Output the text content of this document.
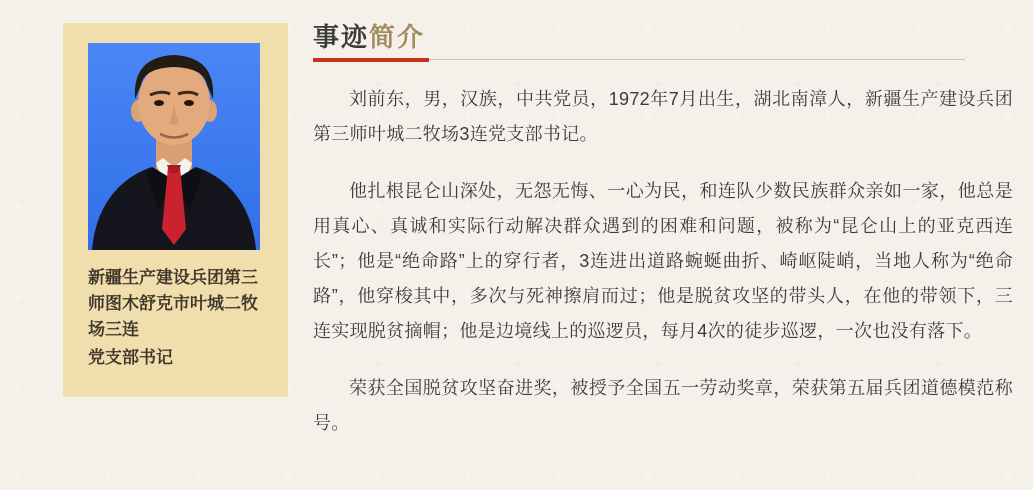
新疆生产建设兵团第三师图木舒克市叶城二牧场三连
党支部书记
事迹简介

刘前东，男，汉族，中共党员，1972年7月出生，湖北南漳人，新疆生产建设兵团第三师叶城二牧场3连党支部书记。

他扎根昆仑山深处，无怨无悔、一心为民，和连队少数民族群众亲如一家，他总是用真心、真诚和实际行动解决群众遇到的困难和问题，被称为“昆仑山上的亚克西连长”；他是“绝命路”上的穿行者，3连进出道路蜿蜒曲折、崎岖陡峭，当地人称为“绝命路”，他穿梭其中，多次与死神擦肩而过；他是脱贫攻坚的带头人，在他的带领下，三连实现脱贫摘帽；他是边境线上的巡逻员，每月4次的徒步巡逻，一次也没有落下。

荣获全国脱贫攻坚奋进奖，被授予全国五一劳动奖章，荣获第五届兵团道德模范称号。
